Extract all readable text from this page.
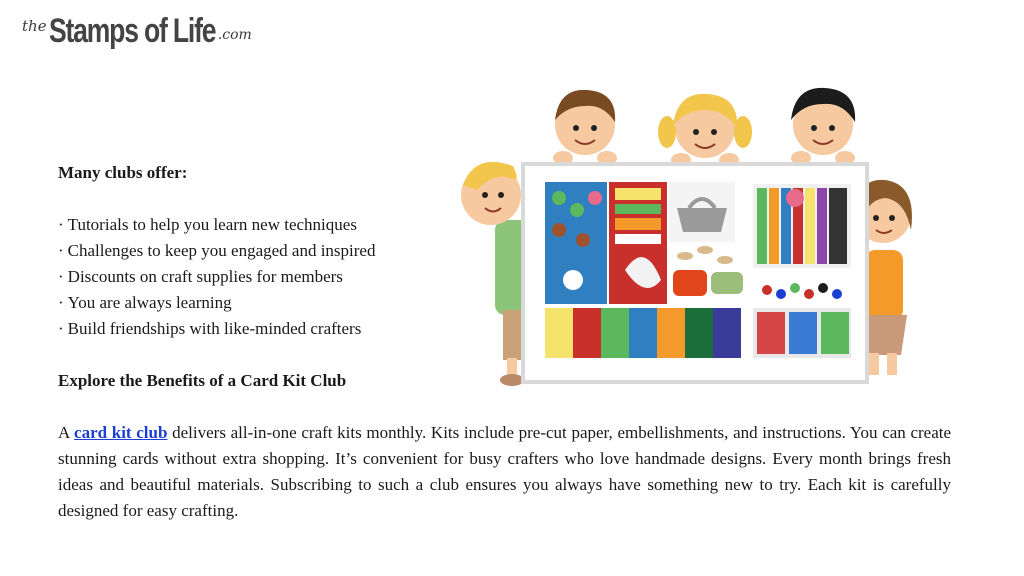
the Stamps of Life .com

Many clubs offer:

· Tutorials to help you learn new techniques
· Challenges to keep you engaged and inspired
· Discounts on craft supplies for members
· You are always learning
· Build friendships with like-minded crafters

Explore the Benefits of a Card Kit Club

A card kit club delivers all-in-one craft kits monthly. Kits include pre-cut paper, embellishments, and instructions. You can create stunning cards without extra shopping. It’s convenient for busy crafters who love handmade designs. Every month brings fresh ideas and beautiful materials. Subscribing to such a club ensures you always have something new to try. Each kit is carefully designed for easy crafting.
